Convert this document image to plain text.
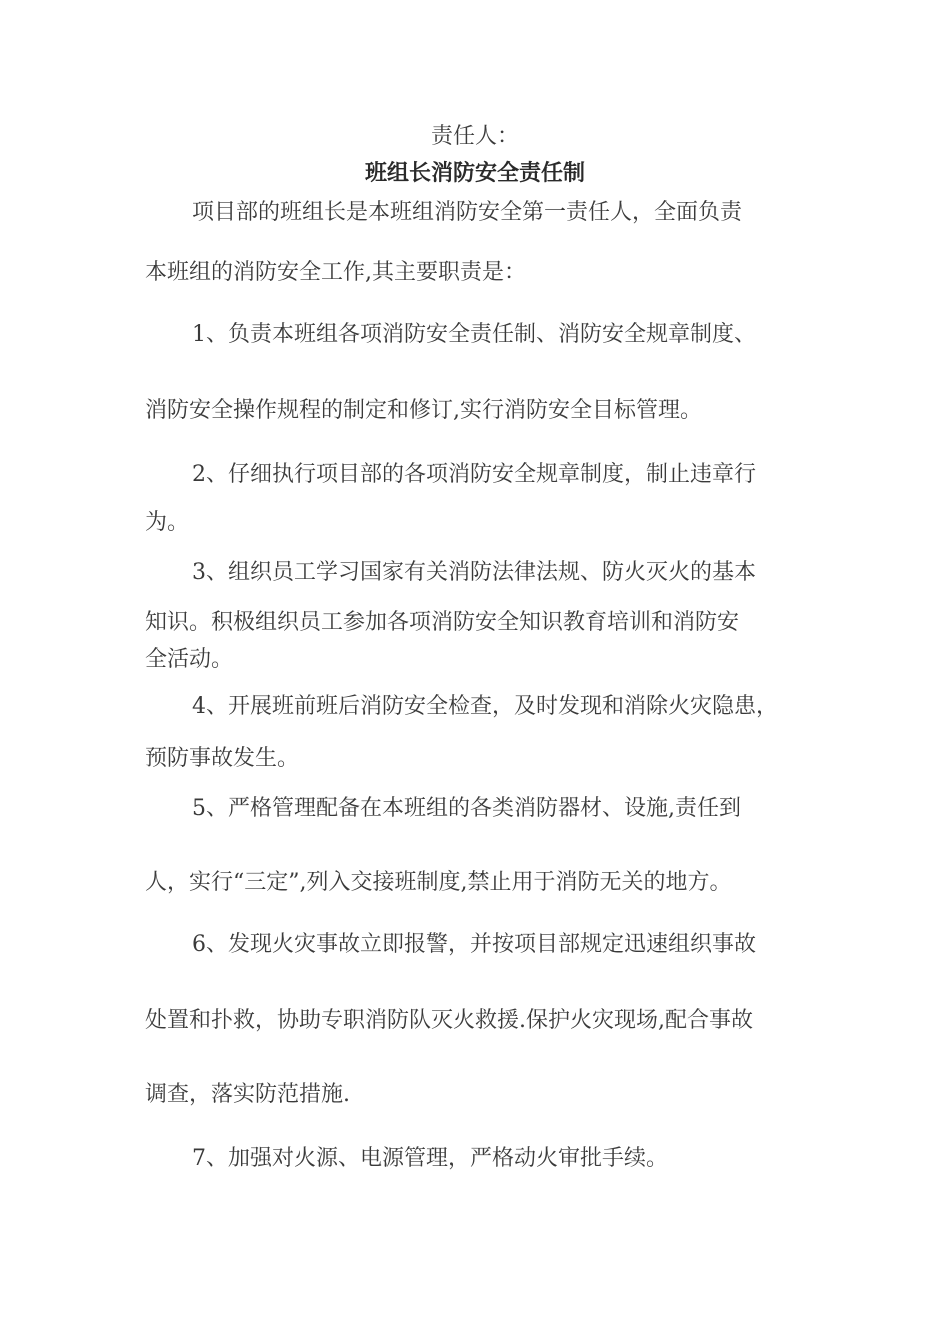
责任人：
班组长消防安全责任制
项目部的班组长是本班组消防安全第一责任人，全面负责
本班组的消防安全工作,其主要职责是：
1、负责本班组各项消防安全责任制、消防安全规章制度、
消防安全操作规程的制定和修订,实行消防安全目标管理。
2、仔细执行项目部的各项消防安全规章制度，制止违章行
为。
3、组织员工学习国家有关消防法律法规、防火灭火的基本
知识。积极组织员工参加各项消防安全知识教育培训和消防安
全活动。
4、开展班前班后消防安全检查，及时发现和消除火灾隐患，
预防事故发生。
5、严格管理配备在本班组的各类消防器材、设施,责任到
人，实行“三定”,列入交接班制度,禁止用于消防无关的地方。
6、发现火灾事故立即报警，并按项目部规定迅速组织事故
处置和扑救，协助专职消防队灭火救援.保护火灾现场,配合事故
调查，落实防范措施.
7、加强对火源、电源管理，严格动火审批手续。
